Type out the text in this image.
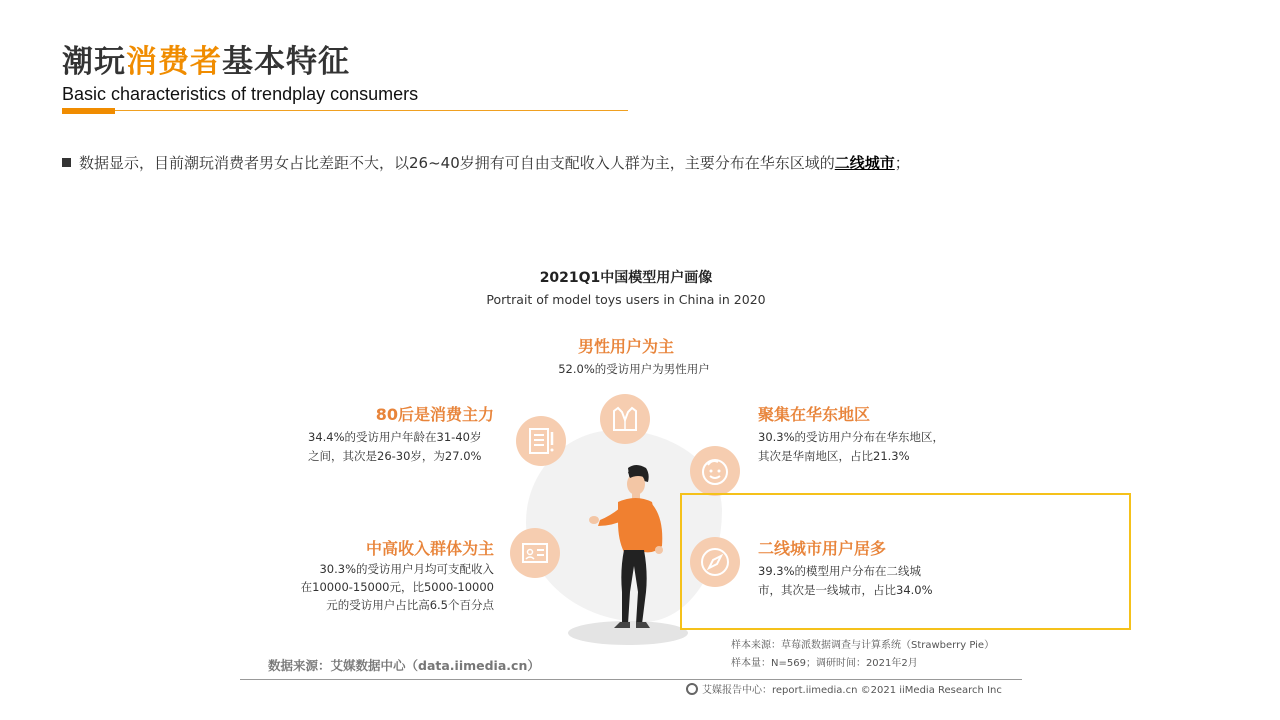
潮玩消费者基本特征
Basic characteristics of trendplay consumers
数据显示，目前潮玩消费者男女占比差距不大，以26~40岁拥有可自由支配收入人群为主，主要分布在华东区域的 二线城市 ；
2021Q1中国模型用户画像
Portrait of model toys users in China in 2020
男性用户为主
52.0%的受访用户为男性用户
80后是消费主力
34.4%的受访用户年龄在31-40岁
之间，其次是26-30岁，为27.0%
聚集在华东地区
30.3%的受访用户分布在华东地区，
其次是华南地区，占比21.3%
中高收入群体为主
30.3%的受访用户月均可支配收入
在10000-15000元，比5000-10000
元的受访用户占比高6.5个百分点
二线城市用户居多
39.3%的模型用户分布在二线城
市，其次是一线城市，占比34.0%
数据来源：艾媒数据中心（data.iimedia.cn）
样本来源：草莓派数据调查与计算系统（Strawberry Pie）
样本量：N=569；调研时间：2021年2月
艾媒报告中心：report.iimedia.cn ©2021 iiMedia Research Inc
